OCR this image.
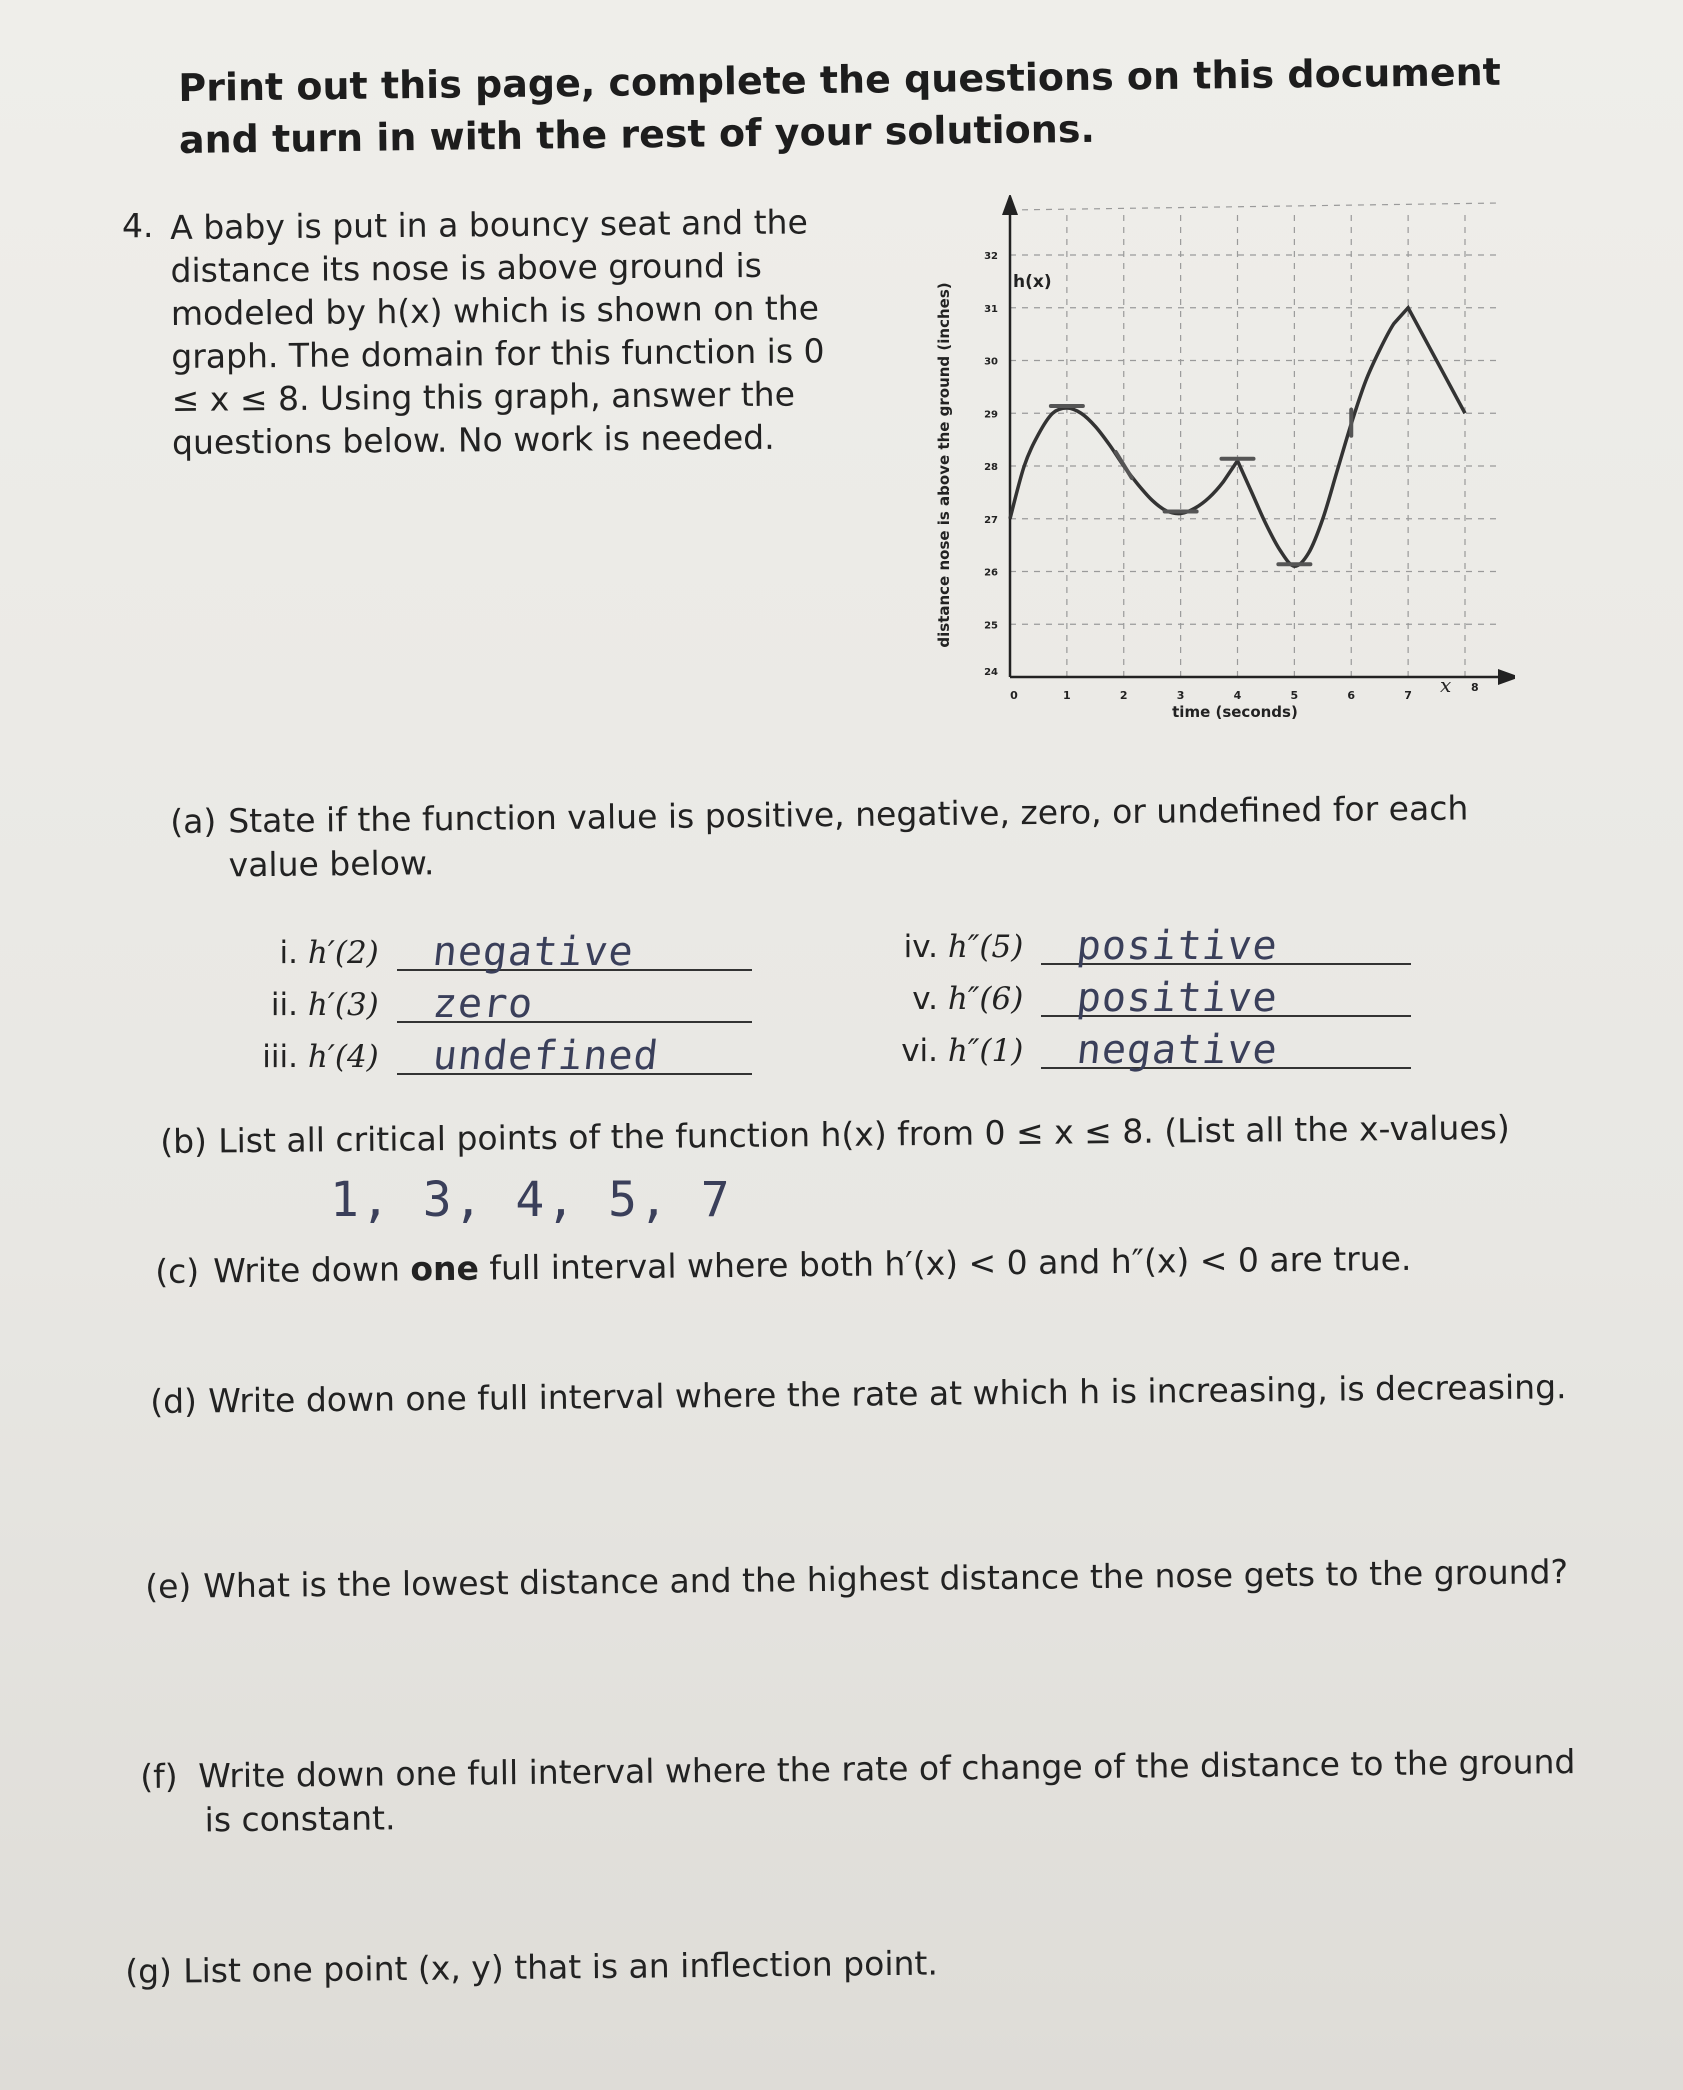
Print out this page, complete the questions on this document and turn in with the rest of your solutions.
4. A baby is put in a bouncy seat and the distance its nose is above ground is modeled by h(x) which is shown on the graph. The domain for this function is 0 ≤ x ≤ 8. Using this graph, answer the questions below. No work is needed.
0	1	2	3	4	5	6	7
8
24
25
26
27
28
29
30
31
32
h(x)
x
time (seconds)
distance nose is above the ground (inches)
(a) State if the function value is positive, negative, zero, or undefined for each value below.
i. h′(2) negative
ii. h′(3) zero
iii. h′(4) undefined
iv. h″(5) positive
v. h″(6) positive
vi. h″(1) negative
(b) List all critical points of the function h(x) from 0 ≤ x ≤ 8. (List all the x-values)
1, 3, 4, 5, 7
(c) Write down one full interval where both h′(x) < 0 and h″(x) < 0 are true.
(d) Write down one full interval where the rate at which h is increasing, is decreasing.
(e) What is the lowest distance and the highest distance the nose gets to the ground?
(f) Write down one full interval where the rate of change of the distance to the ground
is constant.
(g) List one point (x, y) that is an inflection point.
